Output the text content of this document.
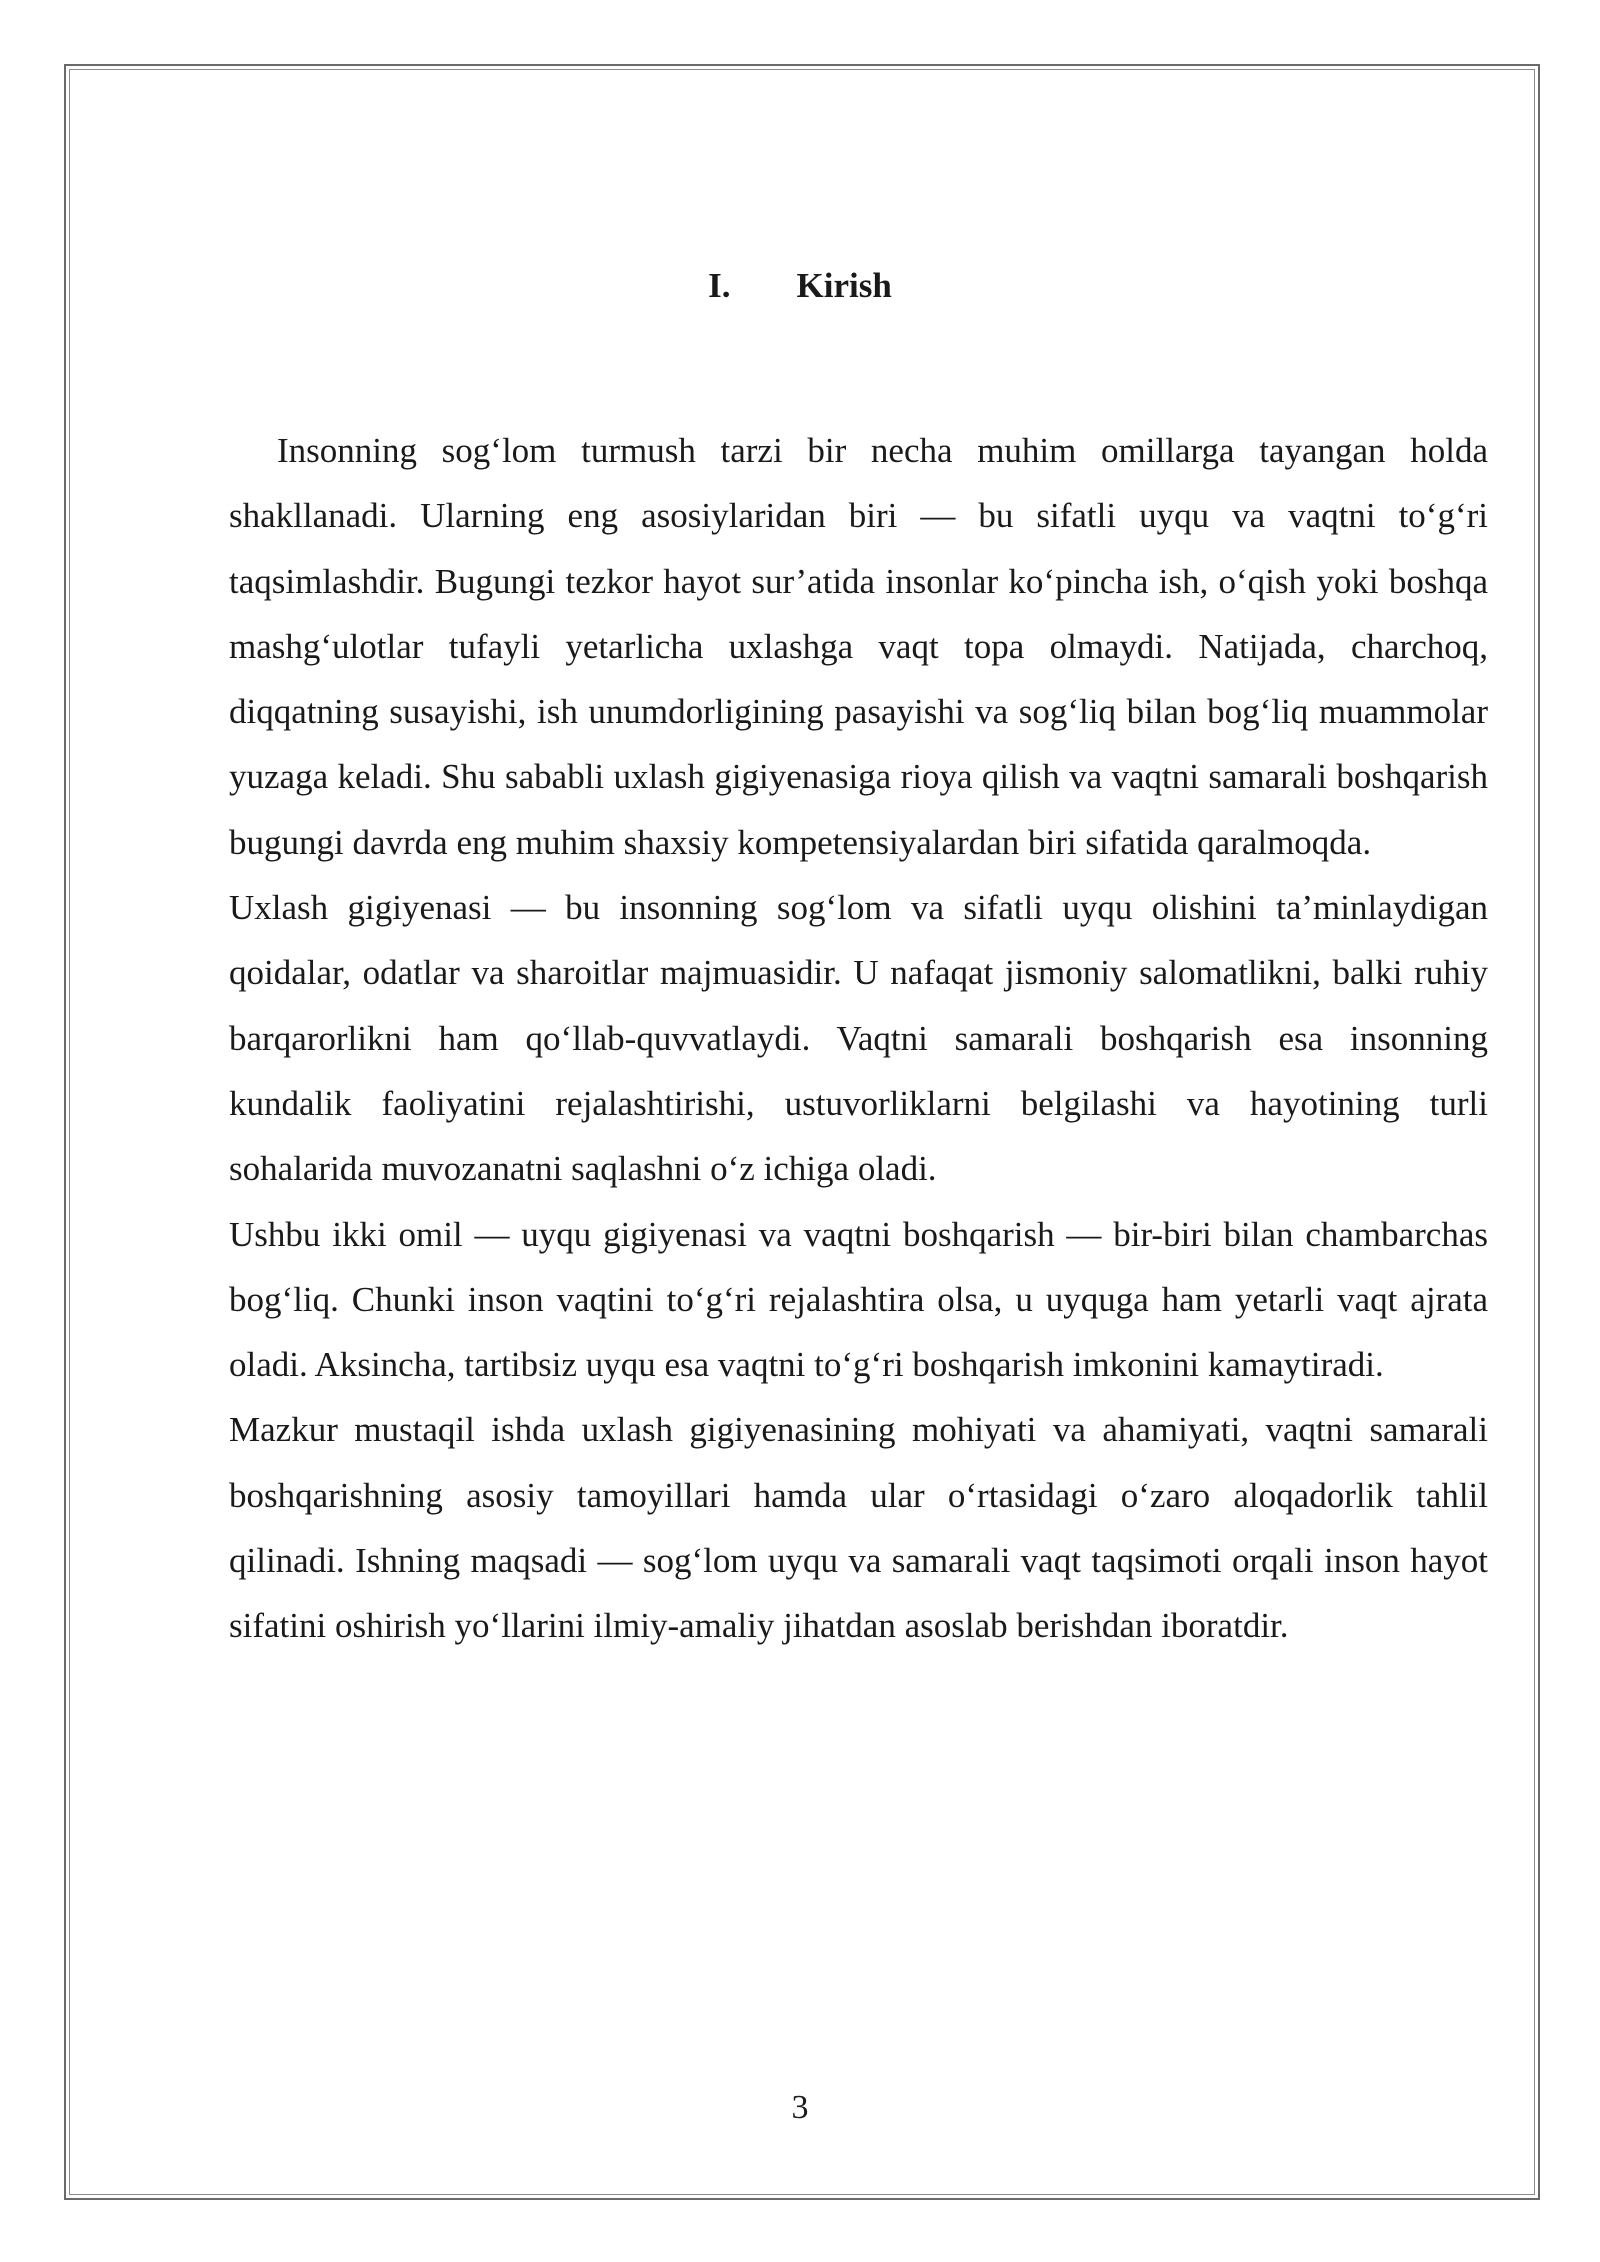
I. Kirish

Insonning sog‘lom turmush tarzi bir necha muhim omillarga tayangan holda shakllanadi. Ularning eng asosiylaridan biri — bu sifatli uyqu va vaqtni to‘g‘ri taqsimlashdir. Bugungi tezkor hayot sur’atida insonlar ko‘pincha ish, o‘qish yoki boshqa mashg‘ulotlar tufayli yetarlicha uxlashga vaqt topa olmaydi. Natijada, charchoq, diqqatning susayishi, ish unumdorligining pasayishi va sog‘liq bilan bog‘liq muammolar yuzaga keladi. Shu sababli uxlash gigiyenasiga rioya qilish va vaqtni samarali boshqarish bugungi davrda eng muhim shaxsiy kompetensiyalardan biri sifatida qaralmoqda.

Uxlash gigiyenasi — bu insonning sog‘lom va sifatli uyqu olishini ta’minlaydigan qoidalar, odatlar va sharoitlar majmuasidir. U nafaqat jismoniy salomatlikni, balki ruhiy barqarorlikni ham qo‘llab-quvvatlaydi. Vaqtni samarali boshqarish esa insonning kundalik faoliyatini rejalashtirishi, ustuvorliklarni belgilashi va hayotining turli sohalarida muvozanatni saqlashni o‘z ichiga oladi.

Ushbu ikki omil — uyqu gigiyenasi va vaqtni boshqarish — bir-biri bilan chambarchas bog‘liq. Chunki inson vaqtini to‘g‘ri rejalashtira olsa, u uyquga ham yetarli vaqt ajrata oladi. Aksincha, tartibsiz uyqu esa vaqtni to‘g‘ri boshqarish imkonini kamaytiradi.

Mazkur mustaqil ishda uxlash gigiyenasining mohiyati va ahamiyati, vaqtni samarali boshqarishning asosiy tamoyillari hamda ular o‘rtasidagi o‘zaro aloqadorlik tahlil qilinadi. Ishning maqsadi — sog‘lom uyqu va samarali vaqt taqsimoti orqali inson hayot sifatini oshirish yo‘llarini ilmiy-amaliy jihatdan asoslab berishdan iboratdir.

3
